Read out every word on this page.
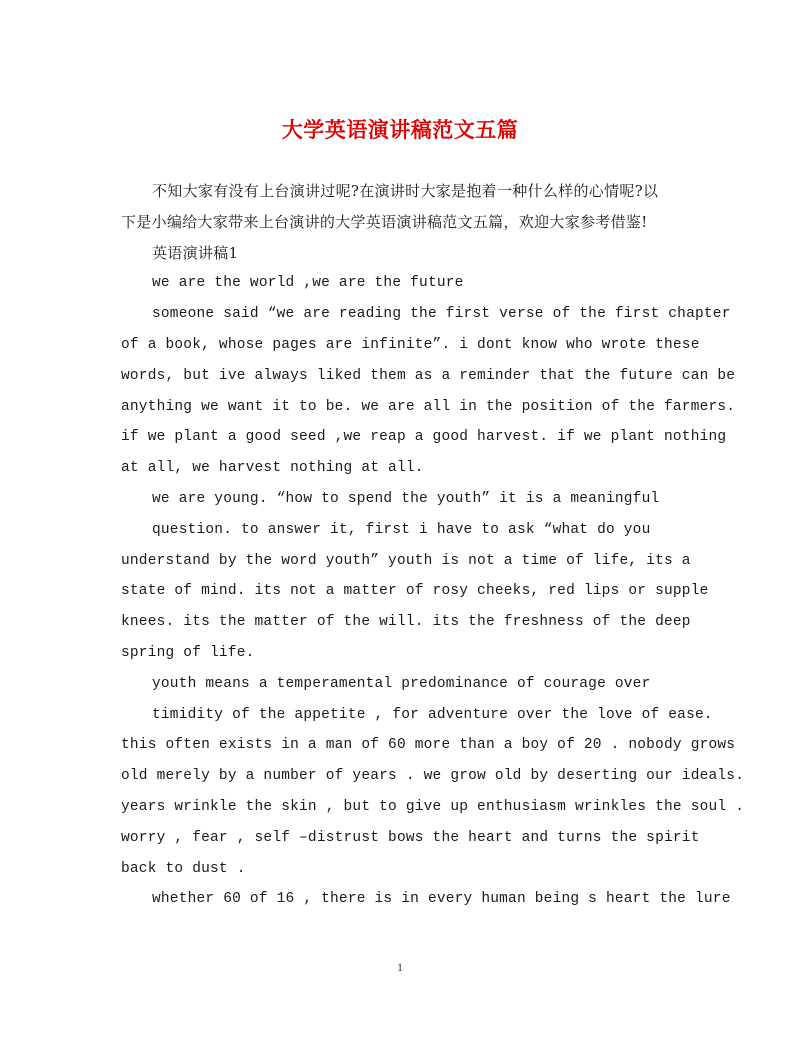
大学英语演讲稿范文五篇
不知大家有没有上台演讲过呢?在演讲时大家是抱着一种什么样的心情呢?以
下是小编给大家带来上台演讲的大学英语演讲稿范文五篇，欢迎大家参考借鉴!
英语演讲稿1
we are the world ,we are the future
someone said “we are reading the first verse of the first chapter
of a book, whose pages are infinite”. i dont know who wrote these
words, but ive always liked them as a reminder that the future can be
anything we want it to be. we are all in the position of the farmers.
if we plant a good seed ,we reap a good harvest. if we plant nothing
at all, we harvest nothing at all.
we are young. “how to spend the youth” it is a meaningful
question. to answer it, first i have to ask “what do you
understand by the word youth” youth is not a time of life, its a
state of mind. its not a matter of rosy cheeks, red lips or supple
knees. its the matter of the will. its the freshness of the deep
spring of life.
youth means a temperamental predominance of courage over
timidity of the appetite , for adventure over the love of ease.
this often exists in a man of 60 more than a boy of 20 . nobody grows
old merely by a number of years . we grow old by deserting our ideals.
years wrinkle the skin , but to give up enthusiasm wrinkles the soul .
worry , fear , self –distrust bows the heart and turns the spirit
back to dust .
whether 60 of 16 , there is in every human being s heart the lure
1
